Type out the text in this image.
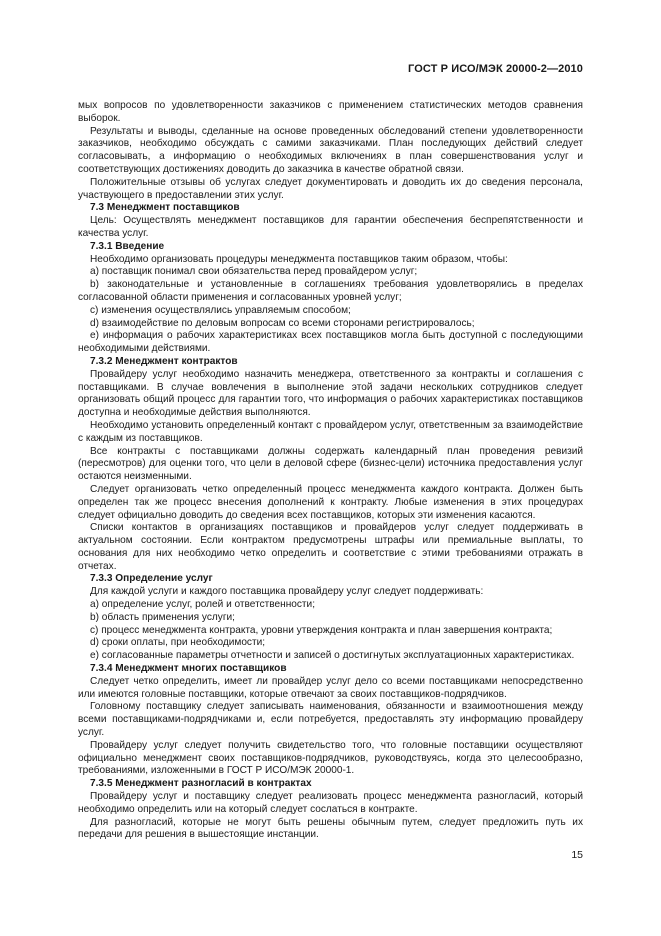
ГОСТ Р ИСО/МЭК 20000-2—2010
мых вопросов по удовлетворенности заказчиков с применением статистических методов сравнения выборок.
Результаты и выводы, сделанные на основе проведенных обследований степени удовлетворенности заказчиков, необходимо обсуждать с самими заказчиками. План последующих действий следует согласовывать, а информацию о необходимых включениях в план совершенствования услуг и соответствующих достижениях доводить до заказчика в качестве обратной связи.
Положительные отзывы об услугах следует документировать и доводить их до сведения персонала, участвующего в предоставлении этих услуг.
7.3 Менеджмент поставщиков
Цель: Осуществлять менеджмент поставщиков для гарантии обеспечения беспрепятственности и качества услуг.
7.3.1 Введение
Необходимо организовать процедуры менеджмента поставщиков таким образом, чтобы:
a) поставщик понимал свои обязательства перед провайдером услуг;
b) законодательные и установленные в соглашениях требования удовлетворялись в пределах согласованной области применения и согласованных уровней услуг;
c) изменения осуществлялись управляемым способом;
d) взаимодействие по деловым вопросам со всеми сторонами регистрировалось;
e) информация о рабочих характеристиках всех поставщиков могла быть доступной с последующими необходимыми действиями.
7.3.2 Менеджмент контрактов
Провайдеру услуг необходимо назначить менеджера, ответственного за контракты и соглашения с поставщиками. В случае вовлечения в выполнение этой задачи нескольких сотрудников следует организовать общий процесс для гарантии того, что информация о рабочих характеристиках поставщиков доступна и необходимые действия выполняются.
Необходимо установить определенный контакт с провайдером услуг, ответственным за взаимодействие с каждым из поставщиков.
Все контракты с поставщиками должны содержать календарный план проведения ревизий (пересмотров) для оценки того, что цели в деловой сфере (бизнес-цели) источника предоставления услуг остаются неизменными.
Следует организовать четко определенный процесс менеджмента каждого контракта. Должен быть определен так же процесс внесения дополнений к контракту. Любые изменения в этих процедурах следует официально доводить до сведения всех поставщиков, которых эти изменения касаются.
Списки контактов в организациях поставщиков и провайдеров услуг следует поддерживать в актуальном состоянии. Если контрактом предусмотрены штрафы или премиальные выплаты, то основания для них необходимо четко определить и соответствие с этими требованиями отражать в отчетах.
7.3.3 Определение услуг
Для каждой услуги и каждого поставщика провайдеру услуг следует поддерживать:
a) определение услуг, ролей и ответственности;
b) область применения услуги;
c) процесс менеджмента контракта, уровни утверждения контракта и план завершения контракта;
d) сроки оплаты, при необходимости;
e) согласованные параметры отчетности и записей о достигнутых эксплуатационных характеристиках.
7.3.4 Менеджмент многих поставщиков
Следует четко определить, имеет ли провайдер услуг дело со всеми поставщиками непосредственно или имеются головные поставщики, которые отвечают за своих поставщиков-подрядчиков.
Головному поставщику следует записывать наименования, обязанности и взаимоотношения между всеми поставщиками-подрядчиками и, если потребуется, предоставлять эту информацию провайдеру услуг.
Провайдеру услуг следует получить свидетельство того, что головные поставщики осуществляют официально менеджмент своих поставщиков-подрядчиков, руководствуясь, когда это целесообразно, требованиями, изложенными в ГОСТ Р ИСО/МЭК 20000-1.
7.3.5 Менеджмент разногласий в контрактах
Провайдеру услуг и поставщику следует реализовать процесс менеджмента разногласий, который необходимо определить или на который следует сослаться в контракте.
Для разногласий, которые не могут быть решены обычным путем, следует предложить путь их передачи для решения в вышестоящие инстанции.
15
